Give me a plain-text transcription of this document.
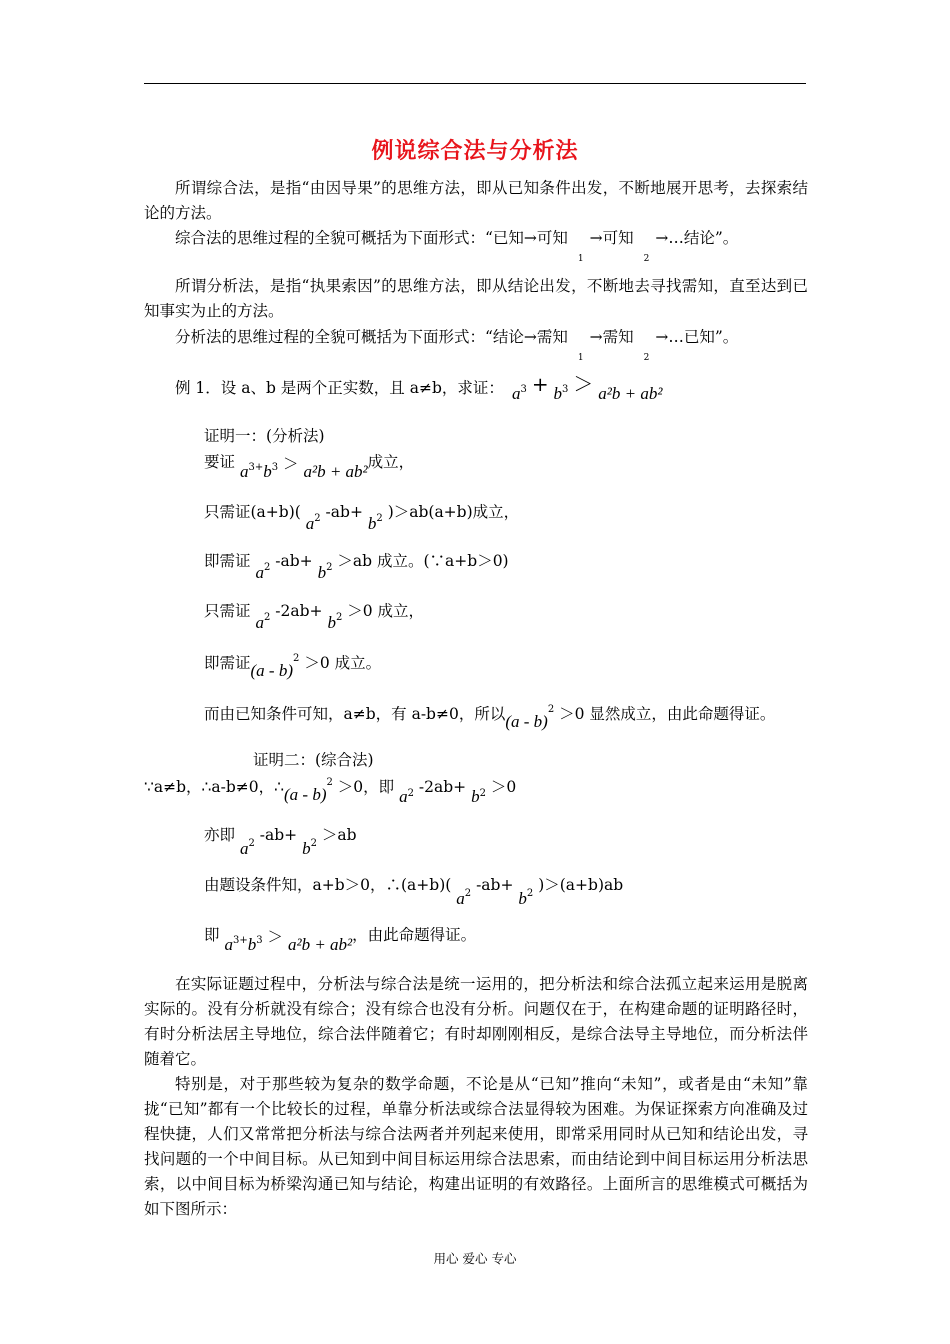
例说综合法与分析法

所谓综合法，是指“由因导果”的思维方法，即从已知条件出发，不断地展开思考，去探索结论的方法。

综合法的思维过程的全貌可概括为下面形式：“已知→可知$_1$→可知$_2$→…结论”。

所谓分析法，是指“执果索因”的思维方法，即从结论出发，不断地去寻找需知，直至达到已知事实为止的方法。

分析法的思维过程的全貌可概括为下面形式：“结论→需知$_1$→需知$_2$→…已知”。
例 1．设 a、b 是两个正实数，且 a≠b，求证： $a^3 + b^3 > a^2b + ab^2$
证明一：(分析法)
要证 $a^{3+}b^3 > a^2b + ab^2$成立，
只需证(a+b)( $a_2$ $-ab+ b_2$ )＞ab(a+b)成立，
即需证 $a_2$ $-ab+ b_2 >ab$ 成立。(∵a+b＞0)
只需证 $a_2$ $-2ab+ b_2 >0$ 成立，
即需证(a - b)$^2$ ＞0 成立。
而由已知条件可知，a≠b，有 a-b≠0，所以(a - b)$^2$ ＞0 显然成立，由此命题得证。
证明二：(综合法)
∵a≠b，∴a-b≠0，∴(a - b)$^2$ ＞0，即 $a_2$ $-2ab+ b_2 >0$
亦即 $a_2$ $-ab+ b_2 >ab$
由题设条件知，a+b＞0，∴(a+b)( $a_2$ $-ab+ b_2$ )＞(a+b)ab
即 $a^{3+}b^3 > a^2b + ab^2$，由此命题得证。

在实际证题过程中，分析法与综合法是统一运用的，把分析法和综合法孤立起来运用是脱离实际的。没有分析就没有综合；没有综合也没有分析。问题仅在于，在构建命题的证明路径时，有时分析法居主导地位，综合法伴随着它；有时却刚刚相反，是综合法导主导地位，而分析法伴随着它。

特别是，对于那些较为复杂的数学命题，不论是从“已知”推向“未知”，或者是由“未知”靠拢“已知”都有一个比较长的过程，单靠分析法或综合法显得较为困难。为保证探索方向准确及过程快捷，人们又常常把分析法与综合法两者并列起来使用，即常采用同时从已知和结论出发，寻找问题的一个中间目标。从已知到中间目标运用综合法思索，而由结论到中间目标运用分析法思索，以中间目标为桥梁沟通已知与结论，构建出证明的有效路径。上面所言的思维模式可概括为如下图所示：

用心 爱心 专心
